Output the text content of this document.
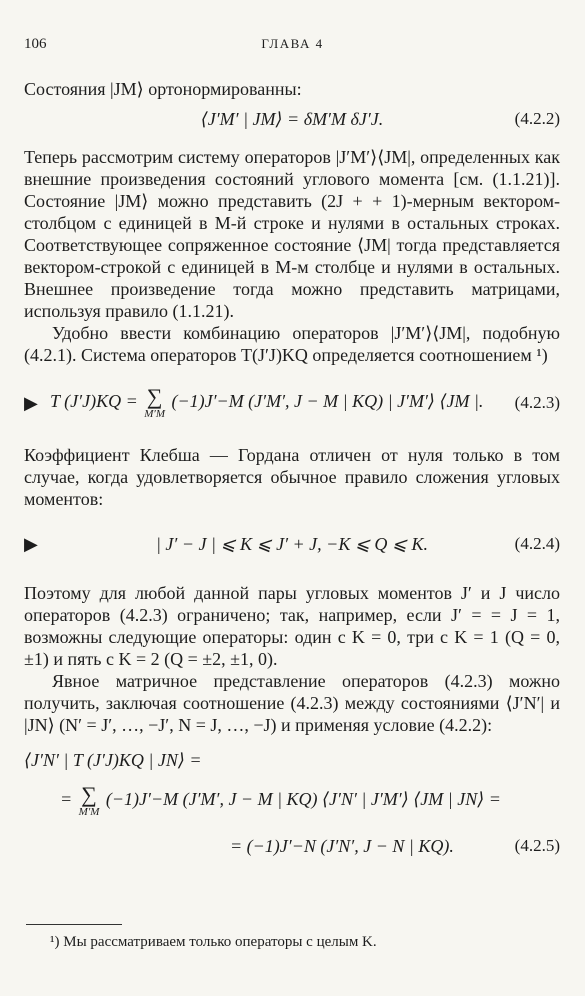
106	ГЛАВА 4

Состояния |JM⟩ ортонормированны:

⟨J′M′ | JM⟩ = δM′M δJ′J.	(4.2.2)

Теперь рассмотрим систему операторов |J′M′⟩⟨JM|, определенных как внешние произведения состояний углового момента [см. (1.1.21)]. Состояние |JM⟩ можно представить (2J + + 1)-мерным вектором-столбцом с единицей в M-й строке и нулями в остальных строках. Соответствующее сопряженное состояние ⟨JM| тогда представляется вектором-строкой с единицей в M-м столбце и нулями в остальных. Внешнее произведение тогда можно представить матрицами, используя правило (1.1.21).

Удобно ввести комбинацию операторов |J′M′⟩⟨JM|, подобную (4.2.1). Система операторов T(J′J)KQ определяется соотношением ¹)

▶ T (J′J)KQ = ∑
M′M
(−1)J′−M (J′M′, J − M | KQ) | J′M′⟩ ⟨JM |.	(4.2.3)

Коэффициент Клебша — Гордана отличен от нуля только в том случае, когда удовлетворяется обычное правило сложения угловых моментов:

▶	| J′ − J | ⩽ K ⩽ J′ + J, −K ⩽ Q ⩽ K.	(4.2.4)

Поэтому для любой данной пары угловых моментов J′ и J число операторов (4.2.3) ограничено; так, например, если J′ = = J = 1, возможны следующие операторы: один с K = 0, три с K = 1 (Q = 0, ±1) и пять с K = 2 (Q = ±2, ±1, 0).

Явное матричное представление операторов (4.2.3) можно получить, заключая соотношение (4.2.3) между состояниями ⟨J′N′| и |JN⟩ (N′ = J′, …, −J′, N = J, …, −J) и применяя условие (4.2.2):

⟨J′N′ | T (J′J)KQ | JN⟩ =
= ∑
M′M
(−1)J′−M (J′M′, J − M | KQ) ⟨J′N′ | J′M′⟩ ⟨JM | JN⟩ =
= (−1)J′−N (J′N′, J − N | KQ).	(4.2.5)
¹) Мы рассматриваем только операторы с целым K.
